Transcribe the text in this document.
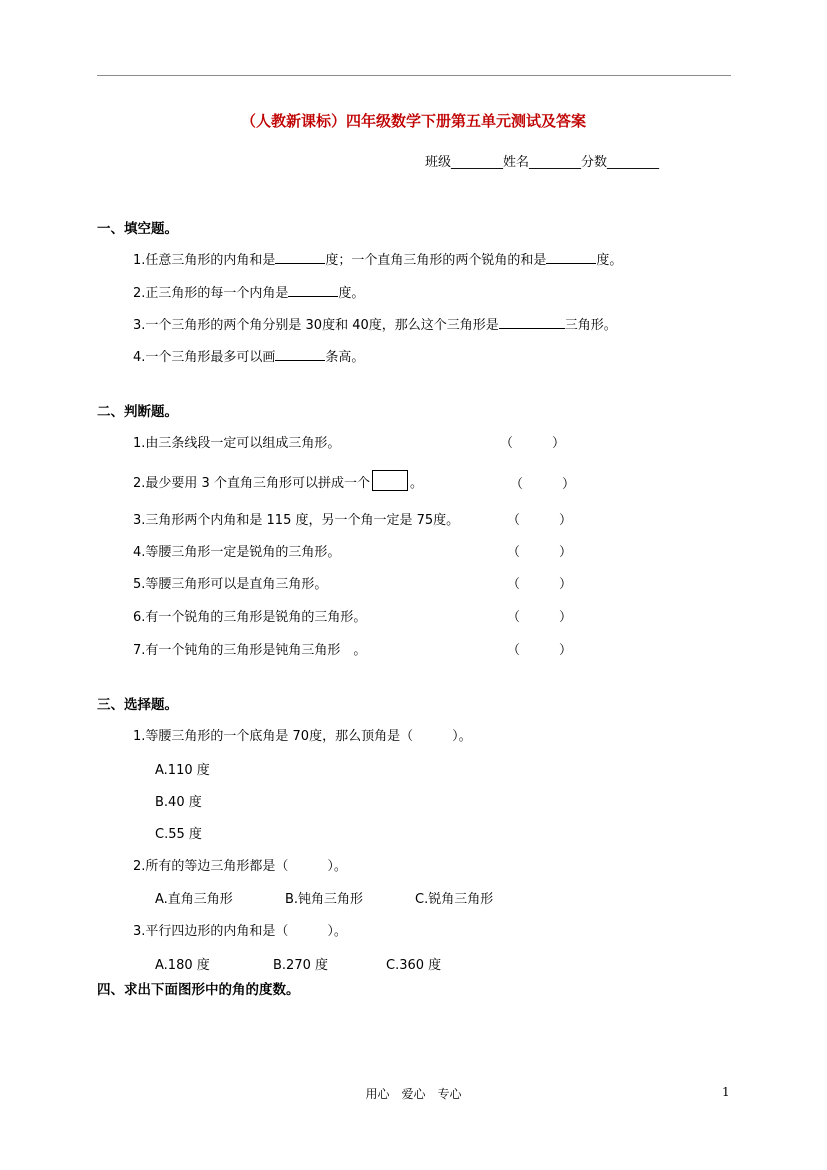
（人教新课标）四年级数学下册第五单元测试及答案
班级________姓名________分数________
一、填空题。
1.任意三角形的内角和是	度；一个直角三角形的两个锐角的和是	度。
2.正三角形的每一个内角是	度。
3.一个三角形的两个角分别是 30度和 40度，那么这个三角形是	三角形。
4.一个三角形最多可以画	条高。
二、判断题。
1.由三条线段一定可以组成三角形。	（　　　）
2.最少要用 3 个直角三角形可以拼成一个	。	（　　　）
3.三角形两个内角和是 115 度，另一个角一定是 75度。	（　　　）
4.等腰三角形一定是锐角的三角形。	（　　　）
5.等腰三角形可以是直角三角形。	（　　　）
6.有一个锐角的三角形是锐角的三角形。	（　　　）
7.有一个钝角的三角形是钝角三角形　。	（　　　）
三、选择题。
1.等腰三角形的一个底角是 70度，那么顶角是（　　　）。
A.110 度
B.40 度
C.55 度
2.所有的等边三角形都是（　　　）。
A.直角三角形	B.钝角三角形	C.锐角三角形
3.平行四边形的内角和是（　　　）。
A.180 度	B.270 度	C.360 度
四、求出下面图形中的角的度数。
用心　爱心　专心	1
